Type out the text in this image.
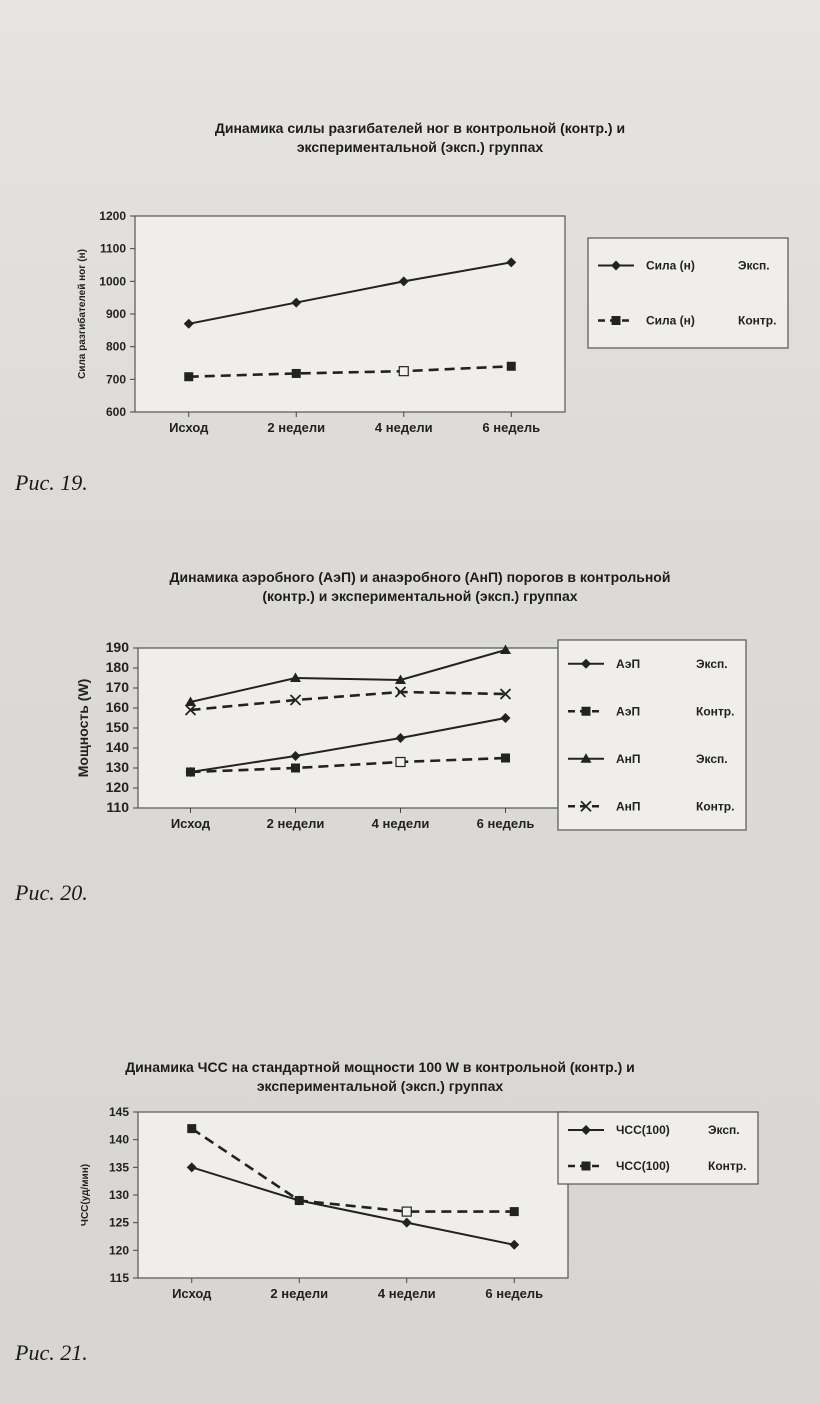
Динамика силы разгибателей ног в контрольной (контр.) и экспериментальной (эксп.) группах
600
700
800
900
1000
1100
1200
Исход	2 недели	4 недели	6 недель
Сила разгибателей ног (н)	Сила (н)	Эксп.
Сила (н)	Контр.
Рис. 19.
Динамика аэробного (АэП) и анаэробного (АнП) порогов в контрольной (контр.) и экспериментальной (эксп.) группах
110
120
130
140
150
160
170
180
190
Исход	2 недели	4 недели	6 недель
Мощность (W)
АэП	Эксп.
АэП	Контр.
АнП	Эксп.
АнП	Контр.
Рис. 20.
Динамика ЧСС на стандартной мощности 100 W в контрольной (контр.) и экспериментальной (эксп.) группах
115
120
125
130
135
140
145
Исход	2 недели	4 недели	6 недель
ЧСС(уд/мин)
ЧСС(100)	Эксп.
ЧСС(100)	Контр.
Рис. 21.
